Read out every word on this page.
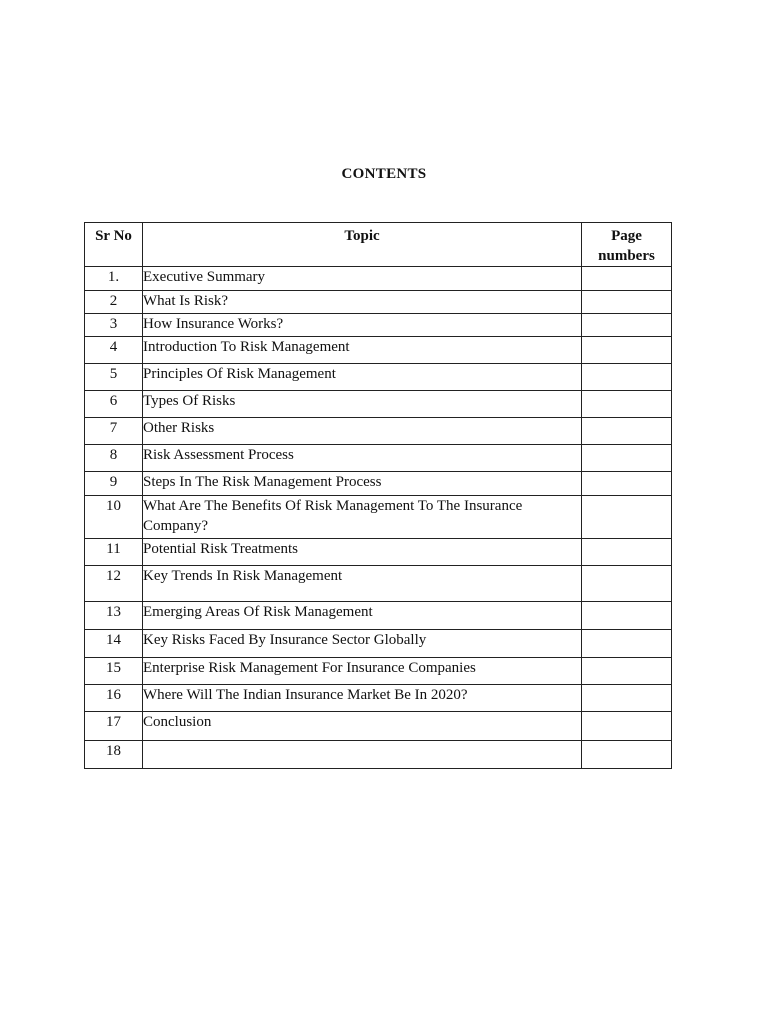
CONTENTS
Sr No	Topic	Page
numbers
1.	Executive Summary	
2	What Is Risk?	
3	How Insurance Works?	
4	Introduction To Risk Management	
5	Principles Of Risk Management	
6	Types Of Risks	
7	Other Risks	
8	Risk Assessment Process	
9	Steps In The Risk Management Process	
10	What Are The Benefits Of Risk Management To The Insurance Company?	
11	Potential Risk Treatments	
12	Key Trends In Risk Management	
13	Emerging Areas Of Risk Management	
14	Key Risks Faced By Insurance Sector Globally	
15	Enterprise Risk Management For Insurance Companies	
16	Where Will The Indian Insurance Market Be In 2020?	
17	Conclusion	
18		
